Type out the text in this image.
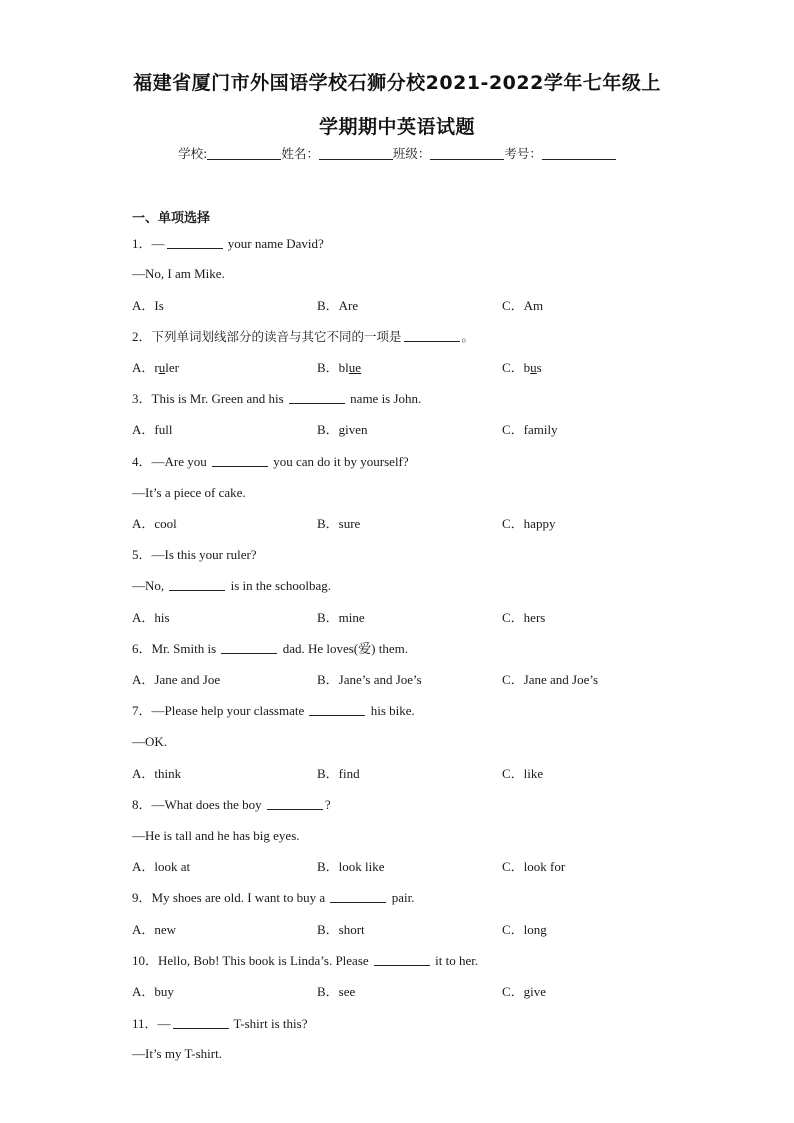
福建省厦门市外国语学校石狮分校2021-2022学年七年级上
学期期中英语试题
学校:	姓名：	班级：	考号：
一、单项选择
1．—	your name David?
—No, I am Mike.
A．Is	B．Are	C．Am
2．下列单词划线部分的读音与其它不同的一项是	。
A．ruler	B．blue	C．bus
3．This is Mr. Green and his	name is John.
A．full	B．given	C．family
4．—Are you	you can do it by yourself?
—It’s a piece of cake.
A．cool	B．sure	C．happy
5．—Is this your ruler?
—No,	is in the schoolbag.
A．his	B．mine	C．hers
6．Mr. Smith is	dad. He loves(爱) them.
A．Jane and Joe	B．Jane’s and Joe’s	C．Jane and Joe’s
7．—Please help your classmate	his bike.
—OK.
A．think	B．find	C．like
8．—What does the boy	?
—He is tall and he has big eyes.
A．look at	B．look like	C．look for
9．My shoes are old. I want to buy a	pair.
A．new	B．short	C．long
10．Hello, Bob! This book is Linda’s. Please	it to her.
A．buy	B．see	C．give
11．—	T-shirt is this?
—It’s my T-shirt.
